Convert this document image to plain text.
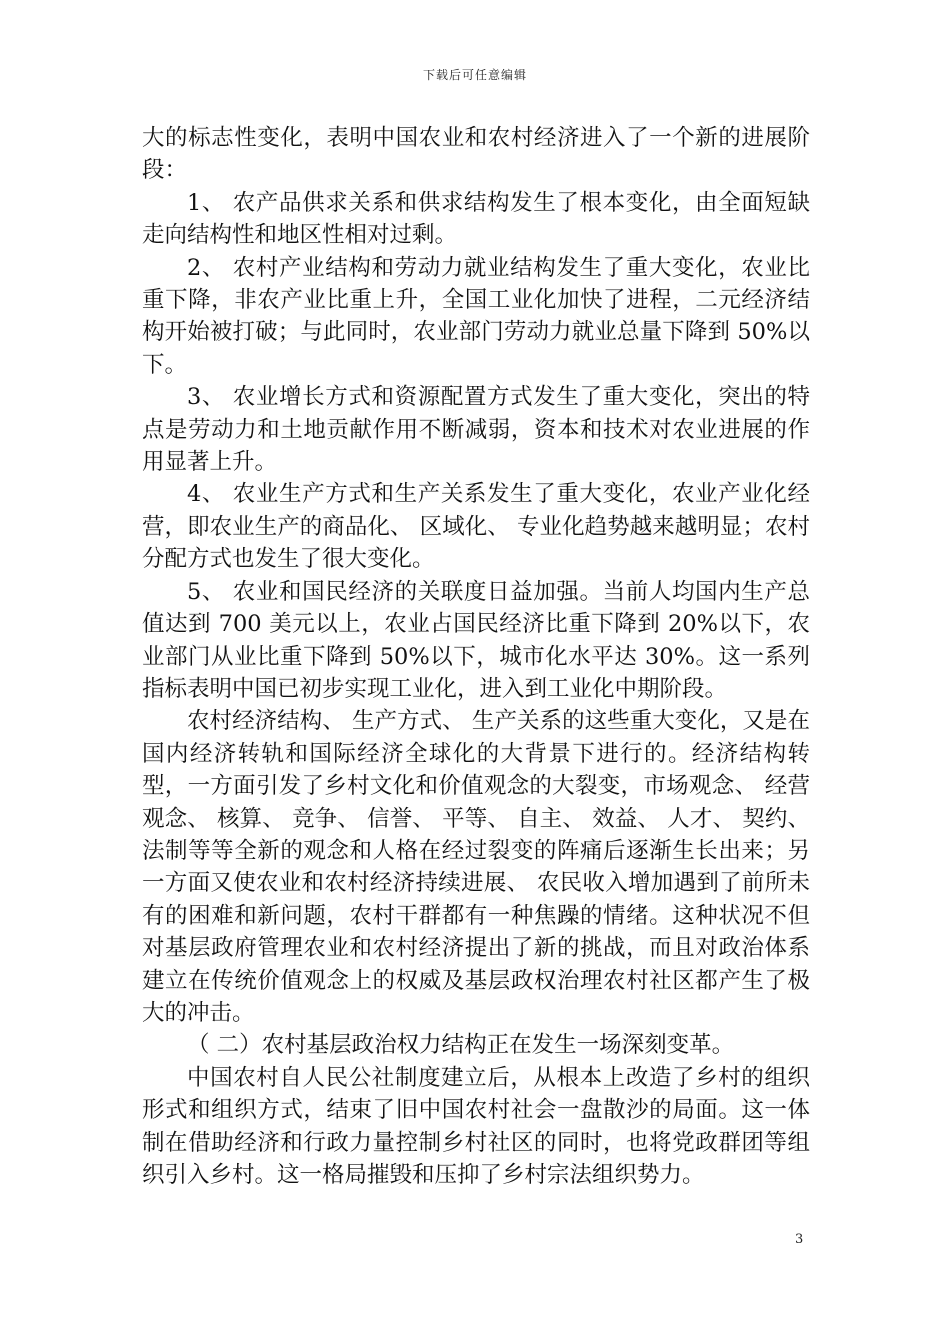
下载后可任意编辑

大的标志性变化，表明中国农业和农村经济进入了一个新的进展阶段：

1、 农产品供求关系和供求结构发生了根本变化，由全面短缺走向结构性和地区性相对过剩。

2、 农村产业结构和劳动力就业结构发生了重大变化，农业比重下降，非农产业比重上升，全国工业化加快了进程，二元经济结构开始被打破；与此同时，农业部门劳动力就业总量下降到 50%以下。

3、 农业增长方式和资源配置方式发生了重大变化，突出的特点是劳动力和土地贡献作用不断减弱，资本和技术对农业进展的作用显著上升。

4、 农业生产方式和生产关系发生了重大变化，农业产业化经营，即农业生产的商品化、 区域化、 专业化趋势越来越明显；农村分配方式也发生了很大变化。

5、 农业和国民经济的关联度日益加强。当前人均国内生产总值达到 700 美元以上，农业占国民经济比重下降到 20%以下，农业部门从业比重下降到 50%以下，城市化水平达 30%。这一系列指标表明中国已初步实现工业化，进入到工业化中期阶段。

农村经济结构、 生产方式、 生产关系的这些重大变化，又是在国内经济转轨和国际经济全球化的大背景下进行的。经济结构转型，一方面引发了乡村文化和价值观念的大裂变，市场观念、 经营观念、 核算、 竞争、 信誉、 平等、 自主、 效益、 人才、 契约、 法制等等全新的观念和人格在经过裂变的阵痛后逐渐生长出来；另一方面又使农业和农村经济持续进展、 农民收入增加遇到了前所未有的困难和新问题，农村干群都有一种焦躁的情绪。这种状况不但对基层政府管理农业和农村经济提出了新的挑战，而且对政治体系建立在传统价值观念上的权威及基层政权治理农村社区都产生了极大的冲击。

（ 二）农村基层政治权力结构正在发生一场深刻变革。

中国农村自人民公社制度建立后，从根本上改造了乡村的组织形式和组织方式，结束了旧中国农村社会一盘散沙的局面。这一体制在借助经济和行政力量控制乡村社区的同时，也将党政群团等组织引入乡村。这一格局摧毁和压抑了乡村宗法组织势力。

3
